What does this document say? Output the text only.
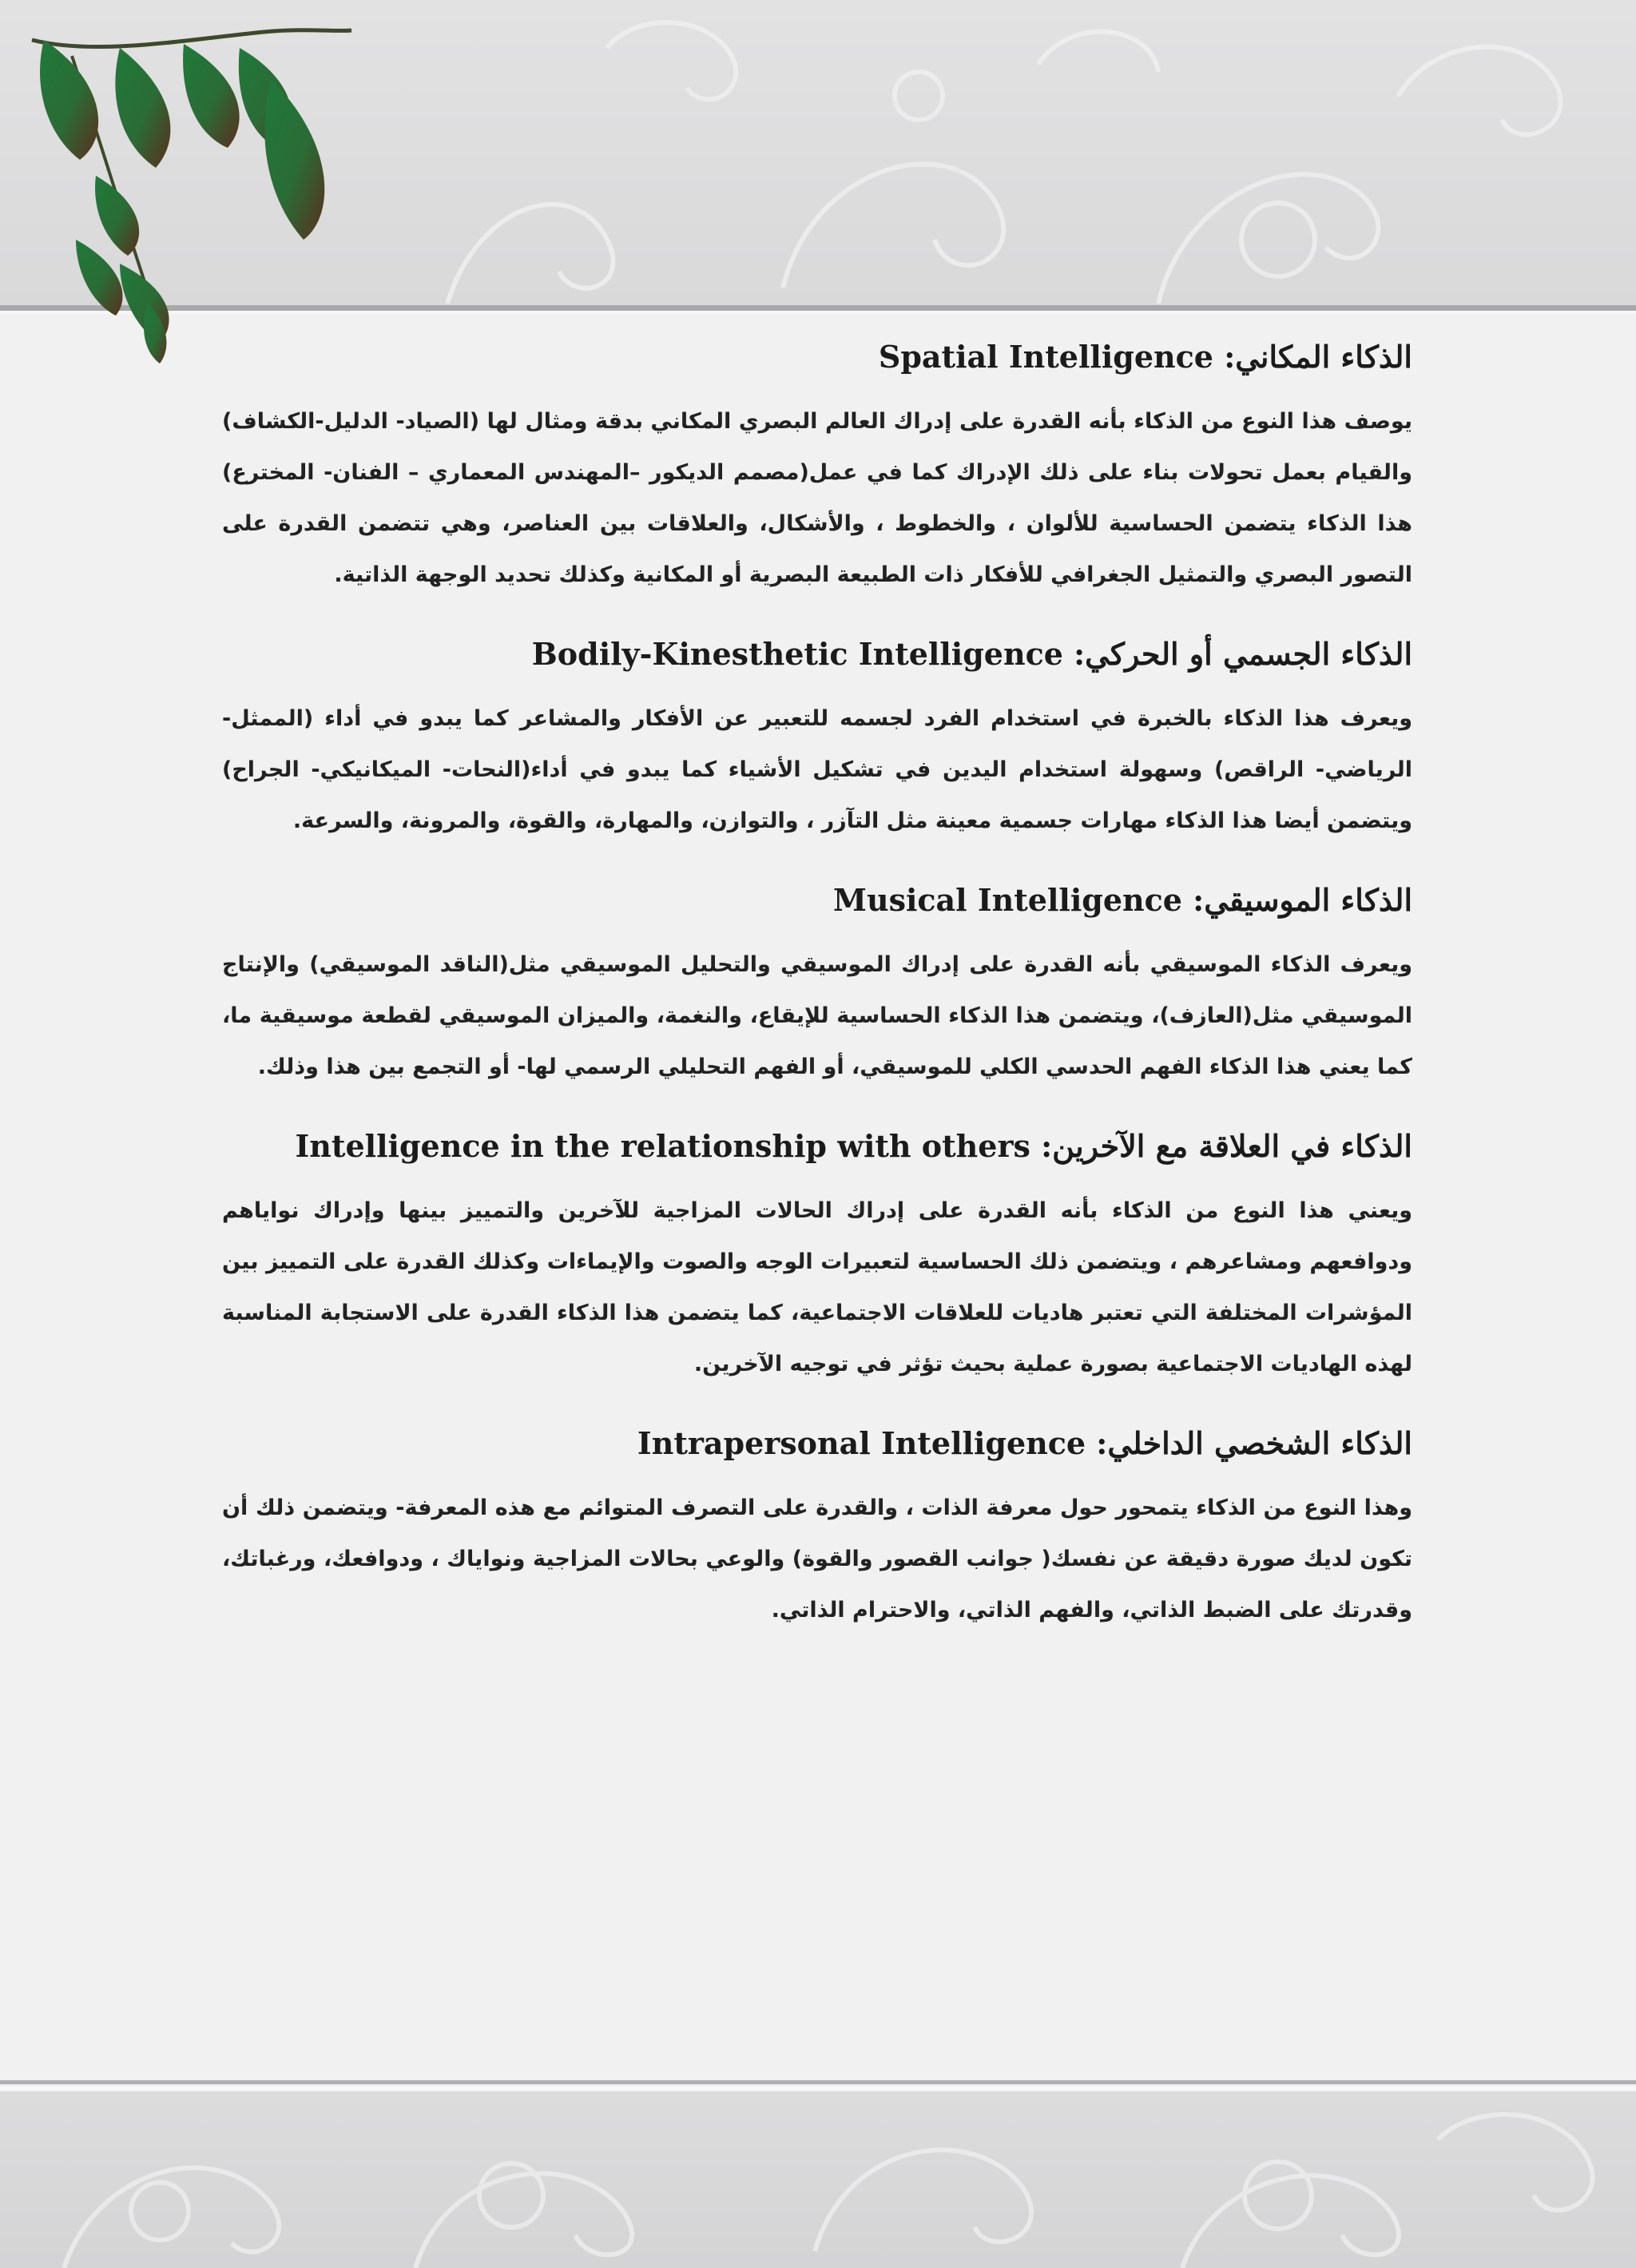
الذكاء المكاني: Spatial Intelligence

يوصف هذا النوع من الذكاء بأنه القدرة على إدراك العالم البصري المكاني بدقة ومثال لها (الصياد- الدليل-الكشاف) والقيام بعمل تحولات بناء على ذلك الإدراك كما في عمل(مصمم الديكور –المهندس المعماري – الفنان- المخترع) هذا الذكاء يتضمن الحساسية للألوان ، والخطوط ، والأشكال، والعلاقات بين العناصر، وهي تتضمن القدرة على التصور البصري والتمثيل الجغرافي للأفكار ذات الطبيعة البصرية أو المكانية وكذلك تحديد الوجهة الذاتية.

الذكاء الجسمي أو الحركي: Bodily-Kinesthetic Intelligence

ويعرف هذا الذكاء بالخبرة في استخدام الفرد لجسمه للتعبير عن الأفكار والمشاعر كما يبدو في أداء (الممثل-الرياضي- الراقص) وسهولة استخدام اليدين في تشكيل الأشياء كما يبدو في أداء(النحات- الميكانيكي- الجراح) ويتضمن أيضا هذا الذكاء مهارات جسمية معينة مثل التآزر ، والتوازن، والمهارة، والقوة، والمرونة، والسرعة.

الذكاء الموسيقي: Musical Intelligence

ويعرف الذكاء الموسيقي بأنه القدرة على إدراك الموسيقي والتحليل الموسيقي مثل(الناقد الموسيقي) والإنتاج الموسيقي مثل(العازف)، ويتضمن هذا الذكاء الحساسية للإيقاع، والنغمة، والميزان الموسيقي لقطعة موسيقية ما، كما يعني هذا الذكاء الفهم الحدسي الكلي للموسيقي، أو الفهم التحليلي الرسمي لها- أو التجمع بين هذا وذلك.

الذكاء في العلاقة مع الآخرين: Intelligence in the relationship with others

ويعني هذا النوع من الذكاء بأنه القدرة على إدراك الحالات المزاجية للآخرين والتمييز بينها وإدراك نواياهم ودوافعهم ومشاعرهم ، ويتضمن ذلك الحساسية لتعبيرات الوجه والصوت والإيماءات وكذلك القدرة على التمييز بين المؤشرات المختلفة التي تعتبر هاديات للعلاقات الاجتماعية، كما يتضمن هذا الذكاء القدرة على الاستجابة المناسبة لهذه الهاديات الاجتماعية بصورة عملية بحيث تؤثر في توجيه الآخرين.

الذكاء الشخصي الداخلي: Intrapersonal Intelligence

وهذا النوع من الذكاء يتمحور حول معرفة الذات ، والقدرة على التصرف المتوائم مع هذه المعرفة- ويتضمن ذلك أن تكون لديك صورة دقيقة عن نفسك( جوانب القصور والقوة) والوعي بحالات المزاجية ونواياك ، ودوافعك، ورغباتك، وقدرتك على الضبط الذاتي، والفهم الذاتي، والاحترام الذاتي.
